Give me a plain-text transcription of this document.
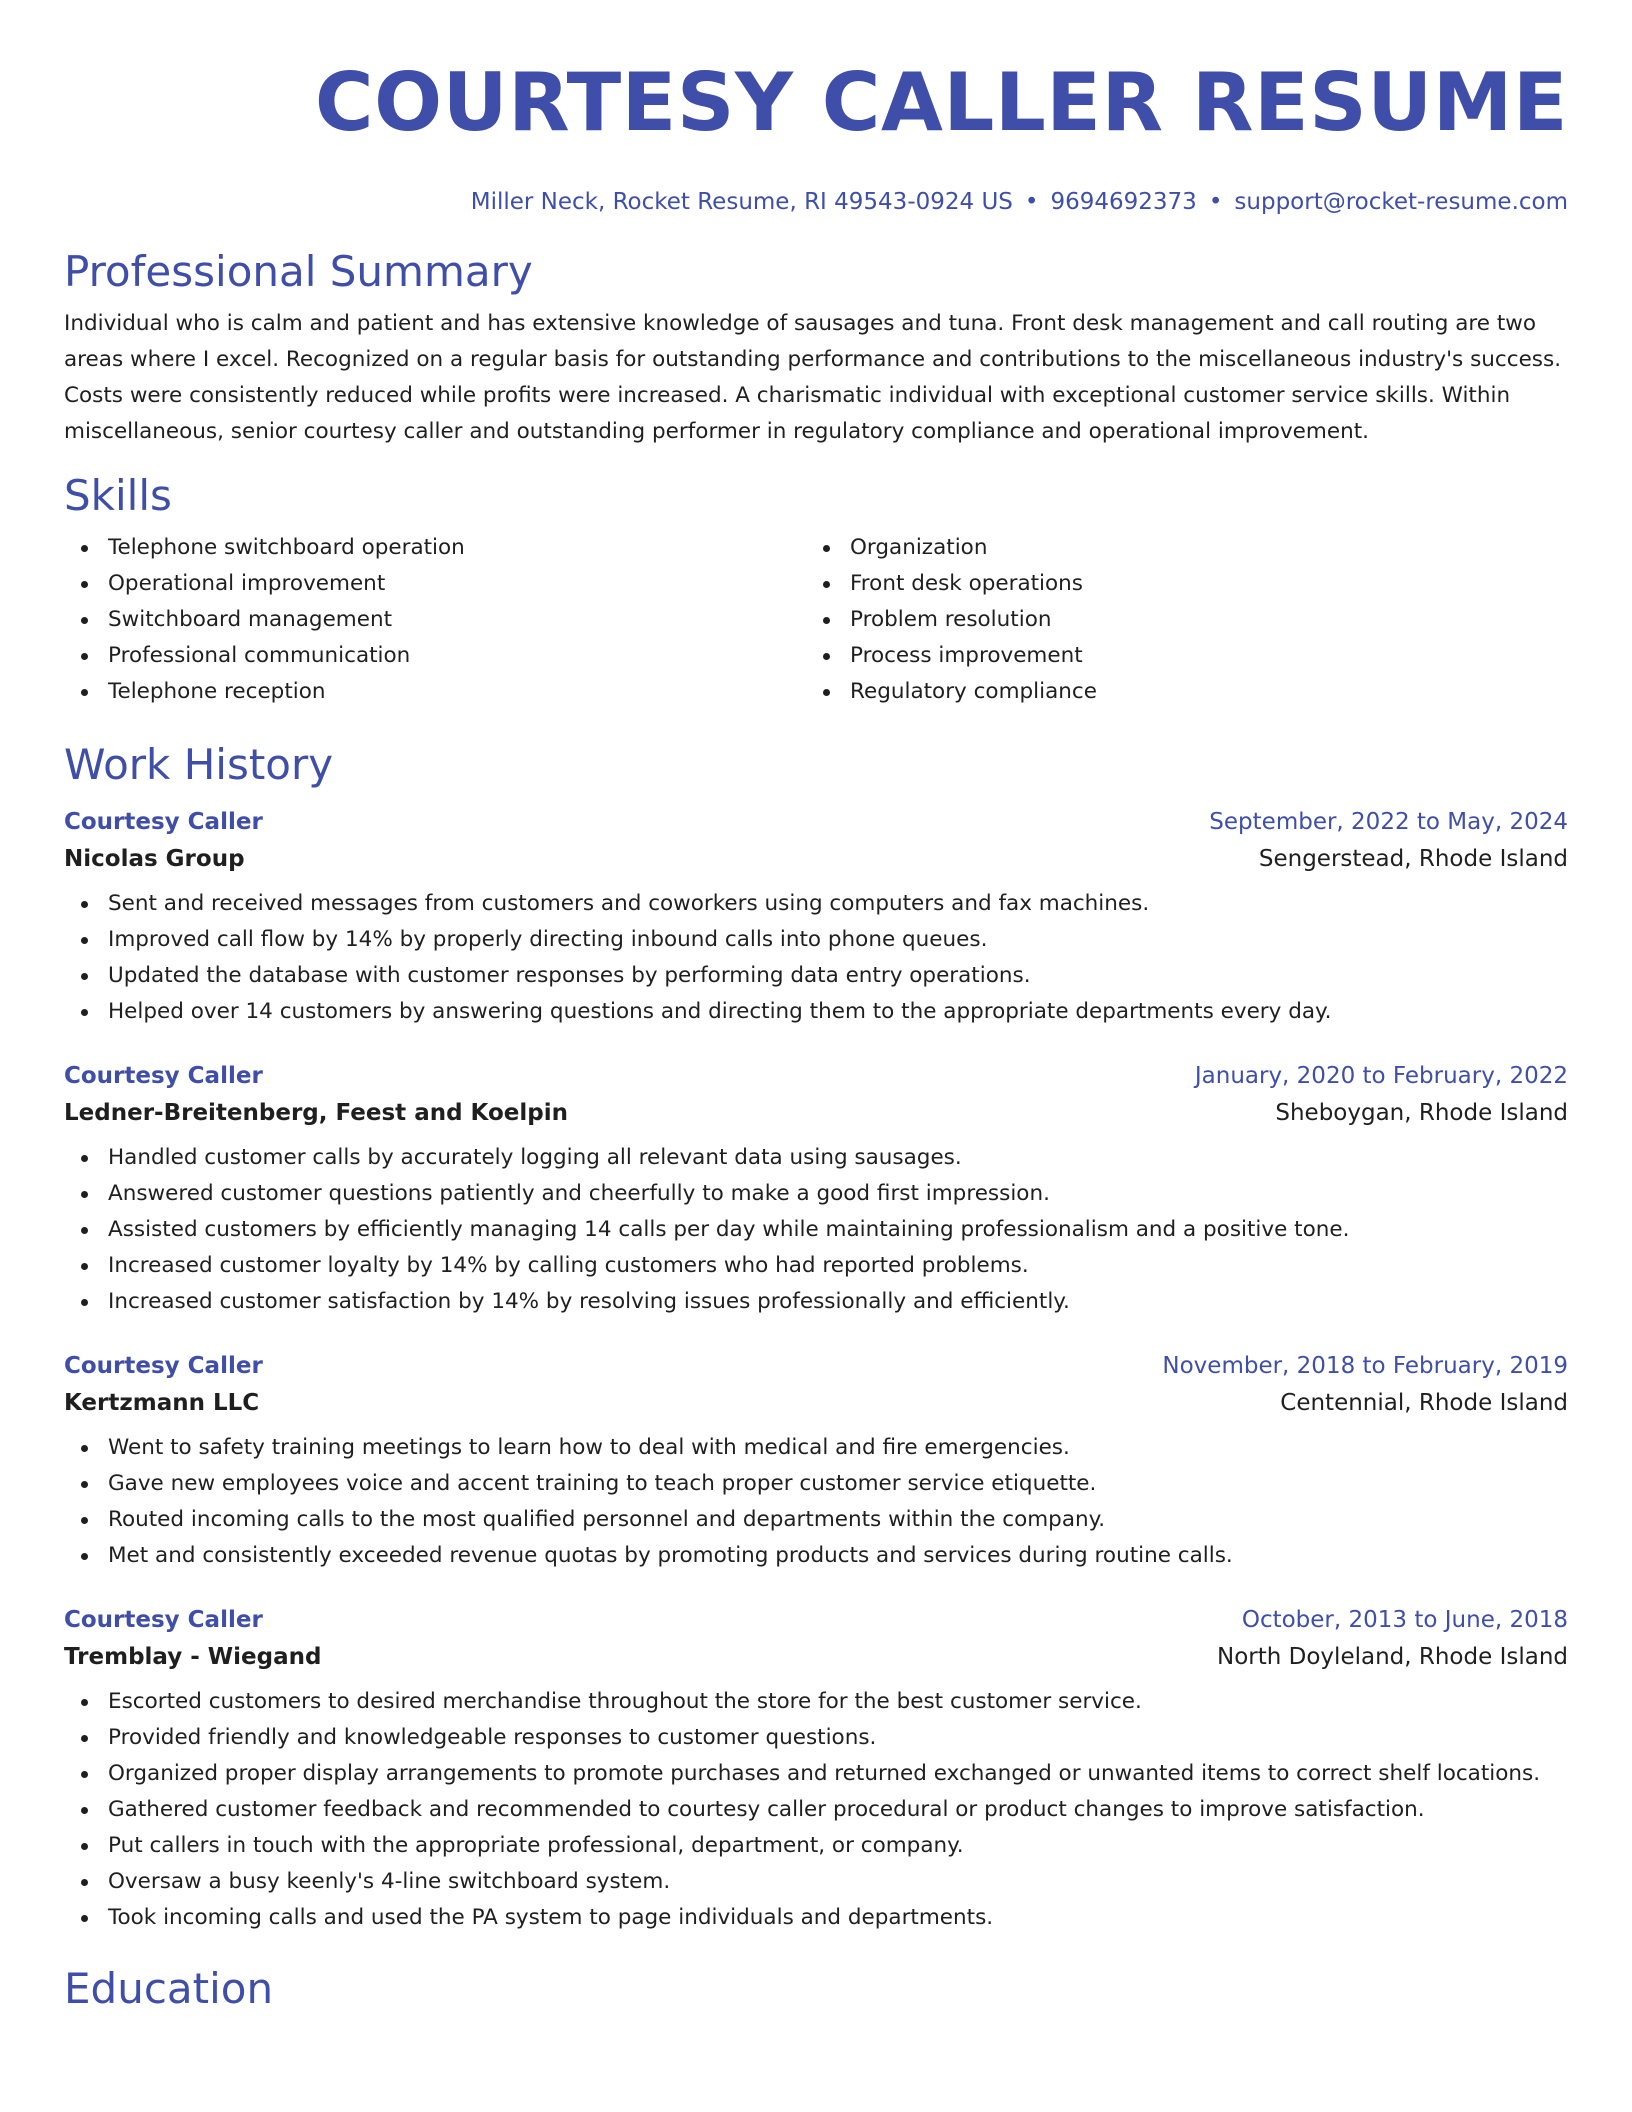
COURTESY CALLER RESUME
Miller Neck, Rocket Resume, RI 49543-0924 US • 9694692373 • support@rocket-resume.com
Professional Summary
Individual who is calm and patient and has extensive knowledge of sausages and tuna. Front desk management and call routing are two areas where I excel. Recognized on a regular basis for outstanding performance and contributions to the miscellaneous industry's success. Costs were consistently reduced while profits were increased. A charismatic individual with exceptional customer service skills. Within miscellaneous, senior courtesy caller and outstanding performer in regulatory compliance and operational improvement.
Skills
Telephone switchboard operation
Operational improvement
Switchboard management
Professional communication
Telephone reception
Organization
Front desk operations
Problem resolution
Process improvement
Regulatory compliance
Work History
Courtesy Caller	September, 2022 to May, 2024
Nicolas Group	Sengerstead, Rhode Island
Sent and received messages from customers and coworkers using computers and fax machines.
Improved call flow by 14% by properly directing inbound calls into phone queues.
Updated the database with customer responses by performing data entry operations.
Helped over 14 customers by answering questions and directing them to the appropriate departments every day.
Courtesy Caller	January, 2020 to February, 2022
Ledner-Breitenberg, Feest and Koelpin	Sheboygan, Rhode Island
Handled customer calls by accurately logging all relevant data using sausages.
Answered customer questions patiently and cheerfully to make a good first impression.
Assisted customers by efficiently managing 14 calls per day while maintaining professionalism and a positive tone.
Increased customer loyalty by 14% by calling customers who had reported problems.
Increased customer satisfaction by 14% by resolving issues professionally and efficiently.
Courtesy Caller	November, 2018 to February, 2019
Kertzmann LLC	Centennial, Rhode Island
Went to safety training meetings to learn how to deal with medical and fire emergencies.
Gave new employees voice and accent training to teach proper customer service etiquette.
Routed incoming calls to the most qualified personnel and departments within the company.
Met and consistently exceeded revenue quotas by promoting products and services during routine calls.
Courtesy Caller	October, 2013 to June, 2018
Tremblay - Wiegand	North Doyleland, Rhode Island
Escorted customers to desired merchandise throughout the store for the best customer service.
Provided friendly and knowledgeable responses to customer questions.
Organized proper display arrangements to promote purchases and returned exchanged or unwanted items to correct shelf locations.
Gathered customer feedback and recommended to courtesy caller procedural or product changes to improve satisfaction.
Put callers in touch with the appropriate professional, department, or company.
Oversaw a busy keenly's 4-line switchboard system.
Took incoming calls and used the PA system to page individuals and departments.
Education
